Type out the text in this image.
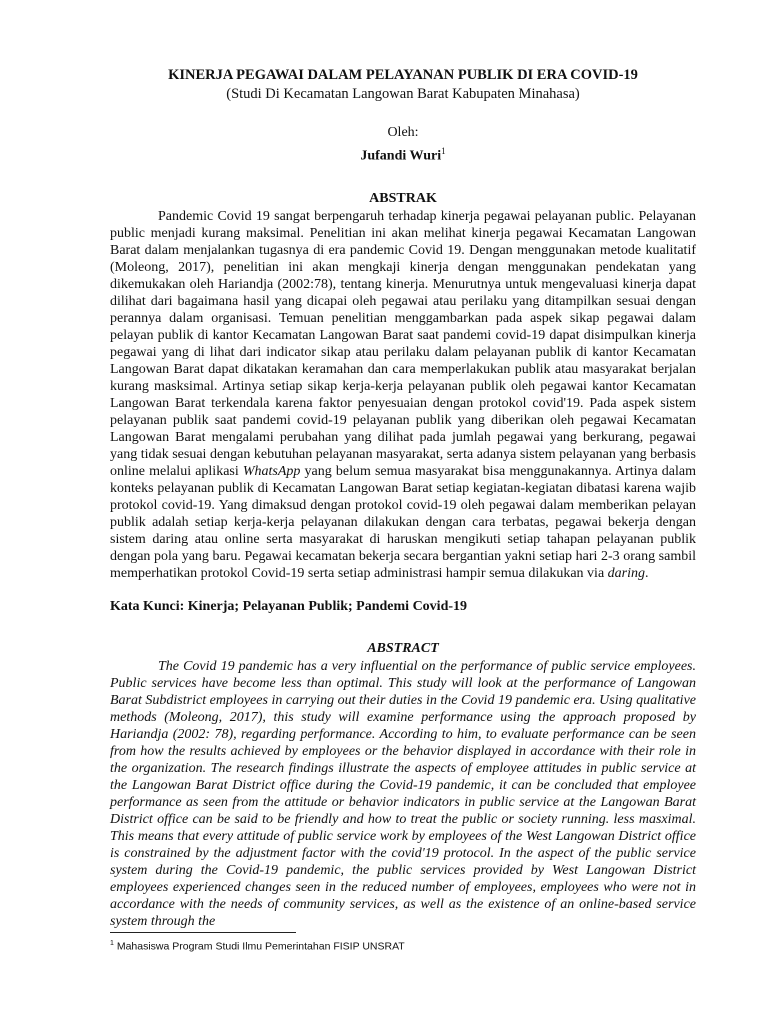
KINERJA PEGAWAI DALAM PELAYANAN PUBLIK DI ERA COVID-19

(Studi Di Kecamatan Langowan Barat Kabupaten Minahasa)

Oleh:
Jufandi Wuri$^1$
ABSTRAK

Pandemic Covid 19 sangat berpengaruh terhadap kinerja pegawai pelayanan public. Pelayanan public menjadi kurang maksimal. Penelitian ini akan melihat kinerja pegawai Kecamatan Langowan Barat dalam menjalankan tugasnya di era pandemic Covid 19. Dengan menggunakan metode kualitatif (Moleong, 2017), penelitian ini akan mengkaji kinerja dengan menggunakan pendekatan yang dikemukakan oleh Hariandja (2002:78), tentang kinerja. Menurutnya untuk mengevaluasi kinerja dapat dilihat dari bagaimana hasil yang dicapai oleh pegawai atau perilaku yang ditampilkan sesuai dengan perannya dalam organisasi. Temuan penelitian menggambarkan pada aspek sikap pegawai dalam pelayan publik di kantor Kecamatan Langowan Barat saat pandemi covid-19 dapat disimpulkan kinerja pegawai yang di lihat dari indicator sikap atau perilaku dalam pelayanan publik di kantor Kecamatan Langowan Barat dapat dikatakan keramahan dan cara memperlakukan publik atau masyarakat berjalan kurang masksimal. Artinya setiap sikap kerja-kerja pelayanan publik oleh pegawai kantor Kecamatan Langowan Barat terkendala karena faktor penyesuaian dengan protokol covid'19. Pada aspek sistem pelayanan publik saat pandemi covid-19 pelayanan publik yang diberikan oleh pegawai Kecamatan Langowan Barat mengalami perubahan yang dilihat pada jumlah pegawai yang berkurang, pegawai yang tidak sesuai dengan kebutuhan pelayanan masyarakat, serta adanya sistem pelayanan yang berbasis online melalui aplikasi WhatsApp yang belum semua masyarakat bisa menggunakannya. Artinya dalam konteks pelayanan publik di Kecamatan Langowan Barat setiap kegiatan-kegiatan dibatasi karena wajib protokol covid-19. Yang dimaksud dengan protokol covid-19 oleh pegawai dalam memberikan pelayan publik adalah setiap kerja-kerja pelayanan dilakukan dengan cara terbatas, pegawai bekerja dengan sistem daring atau online serta masyarakat di haruskan mengikuti setiap tahapan pelayanan publik dengan pola yang baru. Pegawai kecamatan bekerja secara bergantian yakni setiap hari 2-3 orang sambil memperhatikan protokol Covid-19 serta setiap administrasi hampir semua dilakukan via daring.

Kata Kunci: Kinerja; Pelayanan Publik; Pandemi Covid-19
ABSTRACT

The Covid 19 pandemic has a very influential on the performance of public service employees. Public services have become less than optimal. This study will look at the performance of Langowan Barat Subdistrict employees in carrying out their duties in the Covid 19 pandemic era. Using qualitative methods (Moleong, 2017), this study will examine performance using the approach proposed by Hariandja (2002: 78), regarding performance. According to him, to evaluate performance can be seen from how the results achieved by employees or the behavior displayed in accordance with their role in the organization. The research findings illustrate the aspects of employee attitudes in public service at the Langowan Barat District office during the Covid-19 pandemic, it can be concluded that employee performance as seen from the attitude or behavior indicators in public service at the Langowan Barat District office can be said to be friendly and how to treat the public or society running. less masximal. This means that every attitude of public service work by employees of the West Langowan District office is constrained by the adjustment factor with the covid'19 protocol. In the aspect of the public service system during the Covid-19 pandemic, the public services provided by West Langowan District employees experienced changes seen in the reduced number of employees, employees who were not in accordance with the needs of community services, as well as the existence of an online-based service system through the

$^1$ Mahasiswa Program Studi Ilmu Pemerintahan FISIP UNSRAT
